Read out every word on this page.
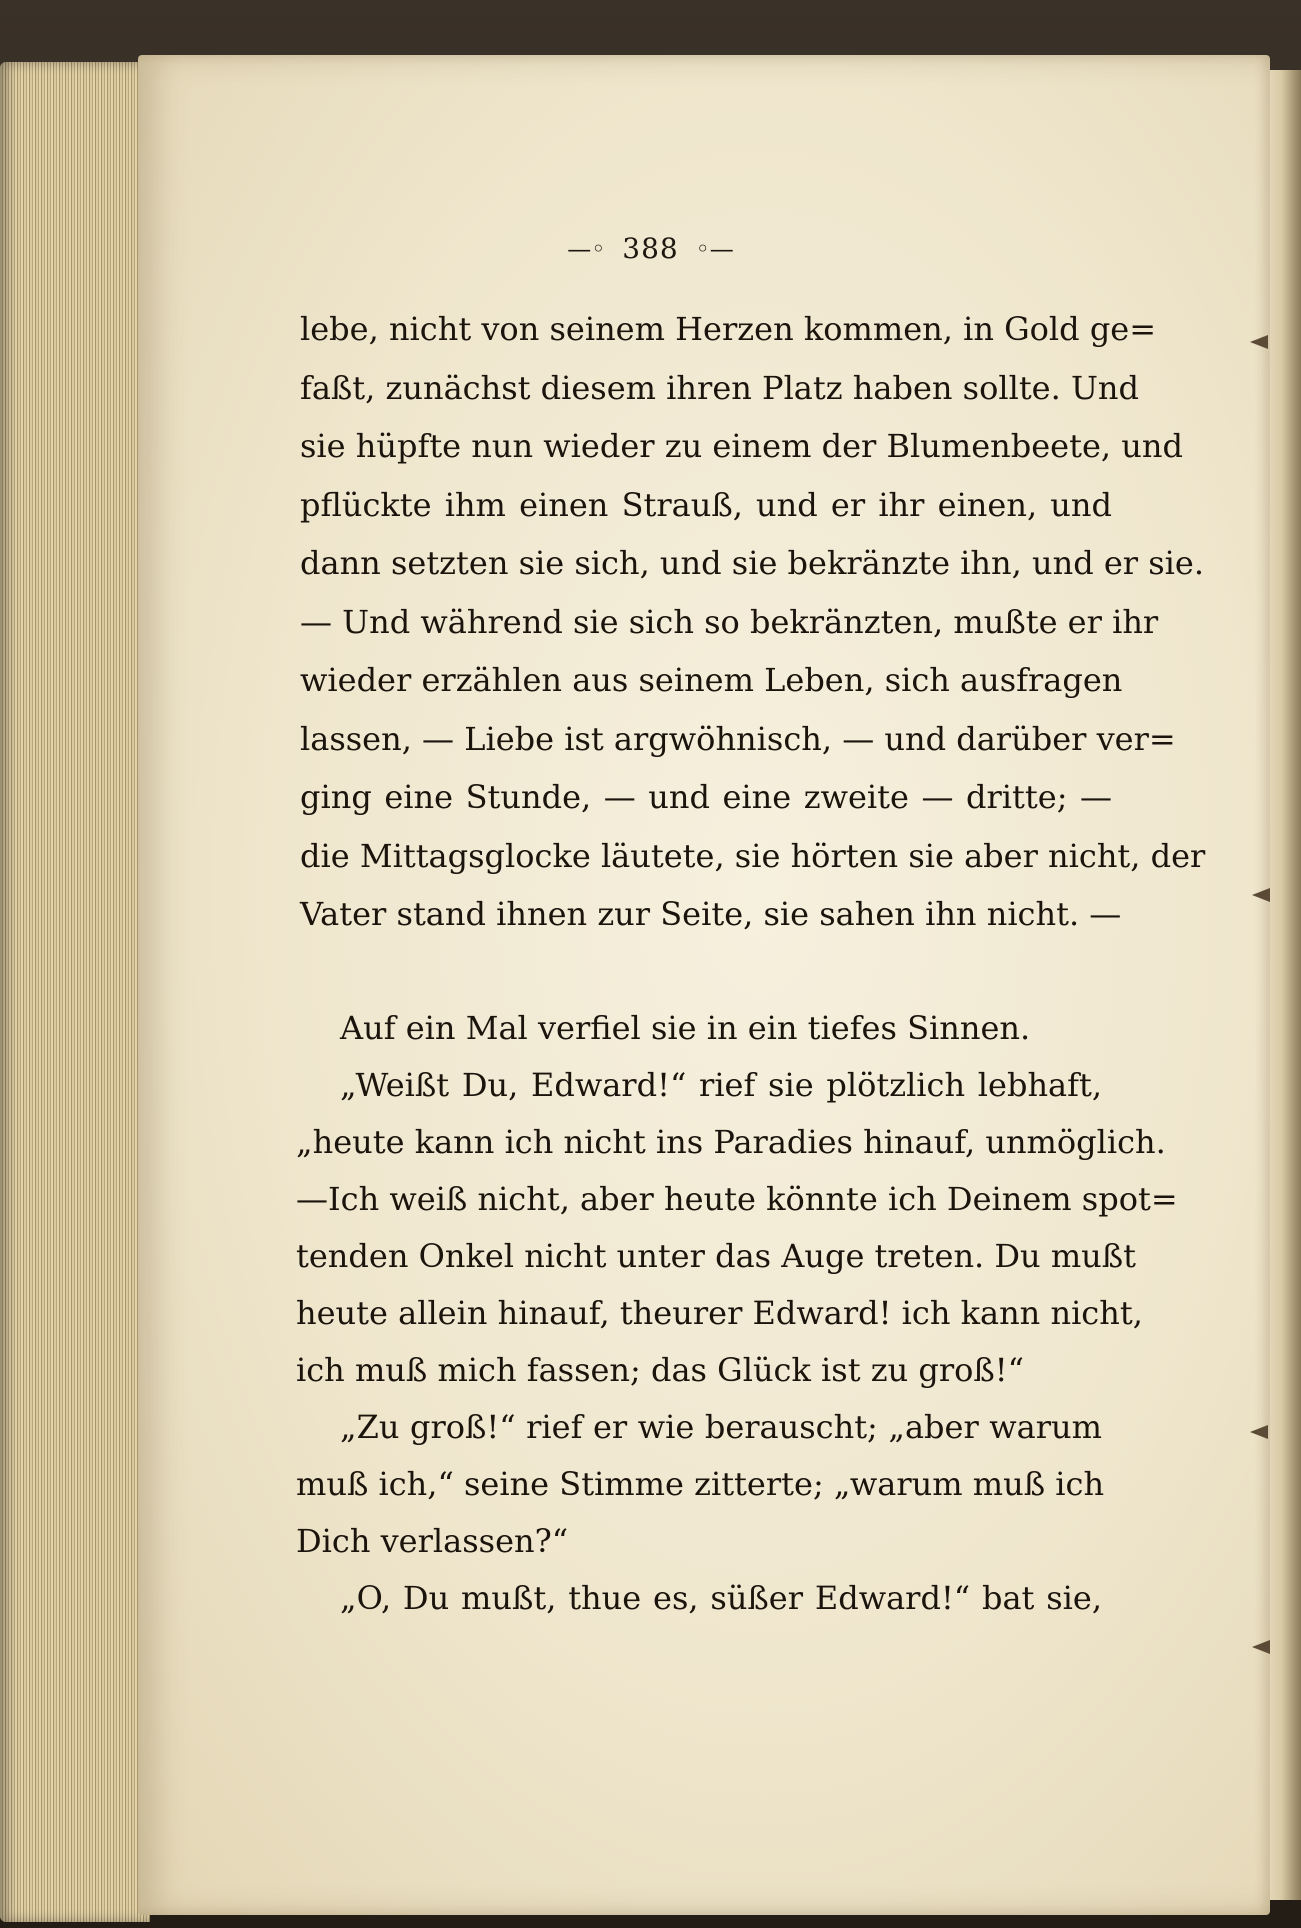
—◦ 388 ◦—
lebe, nicht von seinem Herzen kommen, in Gold ge=
faßt, zunächst diesem ihren Platz haben sollte. Und
sie hüpfte nun wieder zu einem der Blumenbeete, und
pflückte ihm einen Strauß, und er ihr einen, und
dann setzten sie sich, und sie bekränzte ihn, und er sie.
— Und während sie sich so bekränzten, mußte er ihr
wieder erzählen aus seinem Leben, sich ausfragen
lassen, — Liebe ist argwöhnisch, — und darüber ver=
ging eine Stunde, — und eine zweite — dritte; —
die Mittagsglocke läutete, sie hörten sie aber nicht, der
Vater stand ihnen zur Seite, sie sahen ihn nicht. —
Auf ein Mal verfiel sie in ein tiefes Sinnen.
„Weißt Du, Edward!“ rief sie plötzlich lebhaft,
„heute kann ich nicht ins Paradies hinauf, unmöglich.
—Ich weiß nicht, aber heute könnte ich Deinem spot=
tenden Onkel nicht unter das Auge treten. Du mußt
heute allein hinauf, theurer Edward! ich kann nicht,
ich muß mich fassen; das Glück ist zu groß!“
„Zu groß!“ rief er wie berauscht; „aber warum
muß ich,“ seine Stimme zitterte; „warum muß ich
Dich verlassen?“
„O, Du mußt, thue es, süßer Edward!“ bat sie,
